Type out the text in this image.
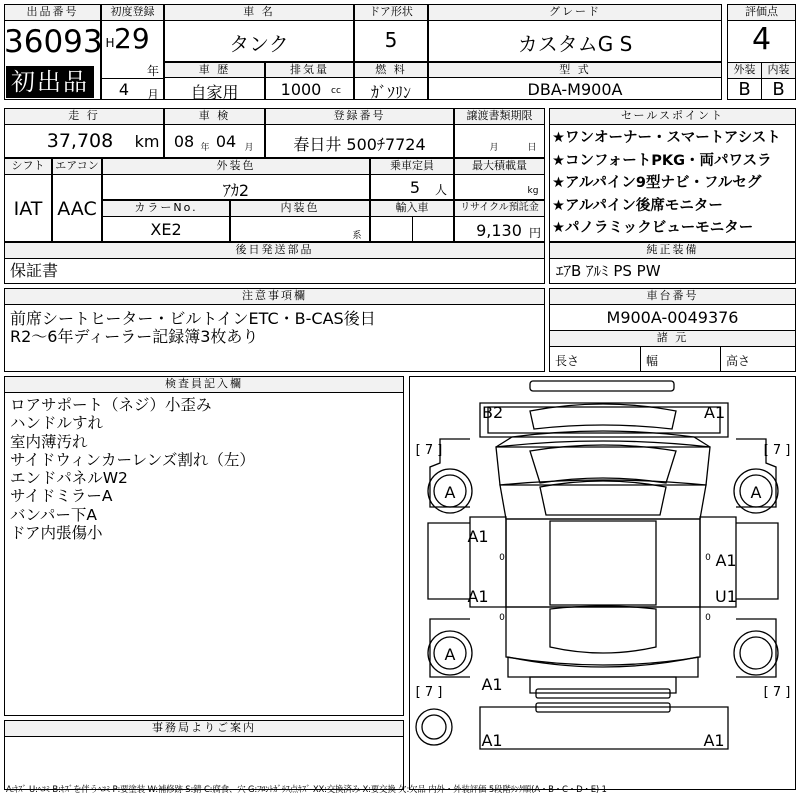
出品番号
36093
初出品
初度登録
H 29
年
4	月
車 名
タンク
ドア形状
5
グレード
カスタムG S
評価点
4
外装	内装
B	B
車 歴
自家用
排気量
1000	cc
燃 料
ｶﾞｿﾘﾝ
型 式
DBA-M900A
走 行
37,708	km
車 検
08 年 04 月
登録番号
春日井 500ﾁ7724
譲渡書類期限
月	日
シフト
IAT
エアコン
AAC
外装色
ｱｶ2
乗車定員
5	人
最大積載量
kg
カラーNo.
XE2
内装色
系
輸入車	リサイクル預託金
9,130 円
セールスポイント
★ワンオーナー・スマートアシスト
★コンフォートPKG・両パワスラ
★アルパイン9型ナビ・フルセグ
★アルパイン後席モニター
★パノラミックビューモニター
後日発送部品
保証書
純正装備
ｴｱB ｱﾙﾐ PS PW
注意事項欄
前席シートヒーター・ビルトインETC・B-CAS後日
R2〜6年ディーラー記録簿3枚あり
車台番号
M900A-0049376
諸 元
長さ	幅	高さ
検査員記入欄
ロアサポート（ネジ）小歪み
ハンドルすれ
室内薄汚れ
サイドウィンカーレンズ割れ（左）
エンドパネルW2
サイドミラーA
バンパー下A
ドア内張傷小
事務局よりご案内
B2	A1
[ 7 ]	[ 7 ]
A	A
A1
0	A1
0
A1
0
U1
0
A
A1
[ 7 ]	[ 7 ]
A1	A1
A:ｷｽﾞ U:ﾍｺﾐ B:ｷｽﾞを伴うﾍｺﾐ P:要塗装 W:補修跡 S:錆 C:腐食、穴 G:ﾌﾛﾝﾄｶﾞﾗｽ点ｷｽﾞ XX:交換済み X:要交換 欠:欠品 内外・外装評価 5段階ﾗﾝｸ順(A・B・C・D・E) 1
